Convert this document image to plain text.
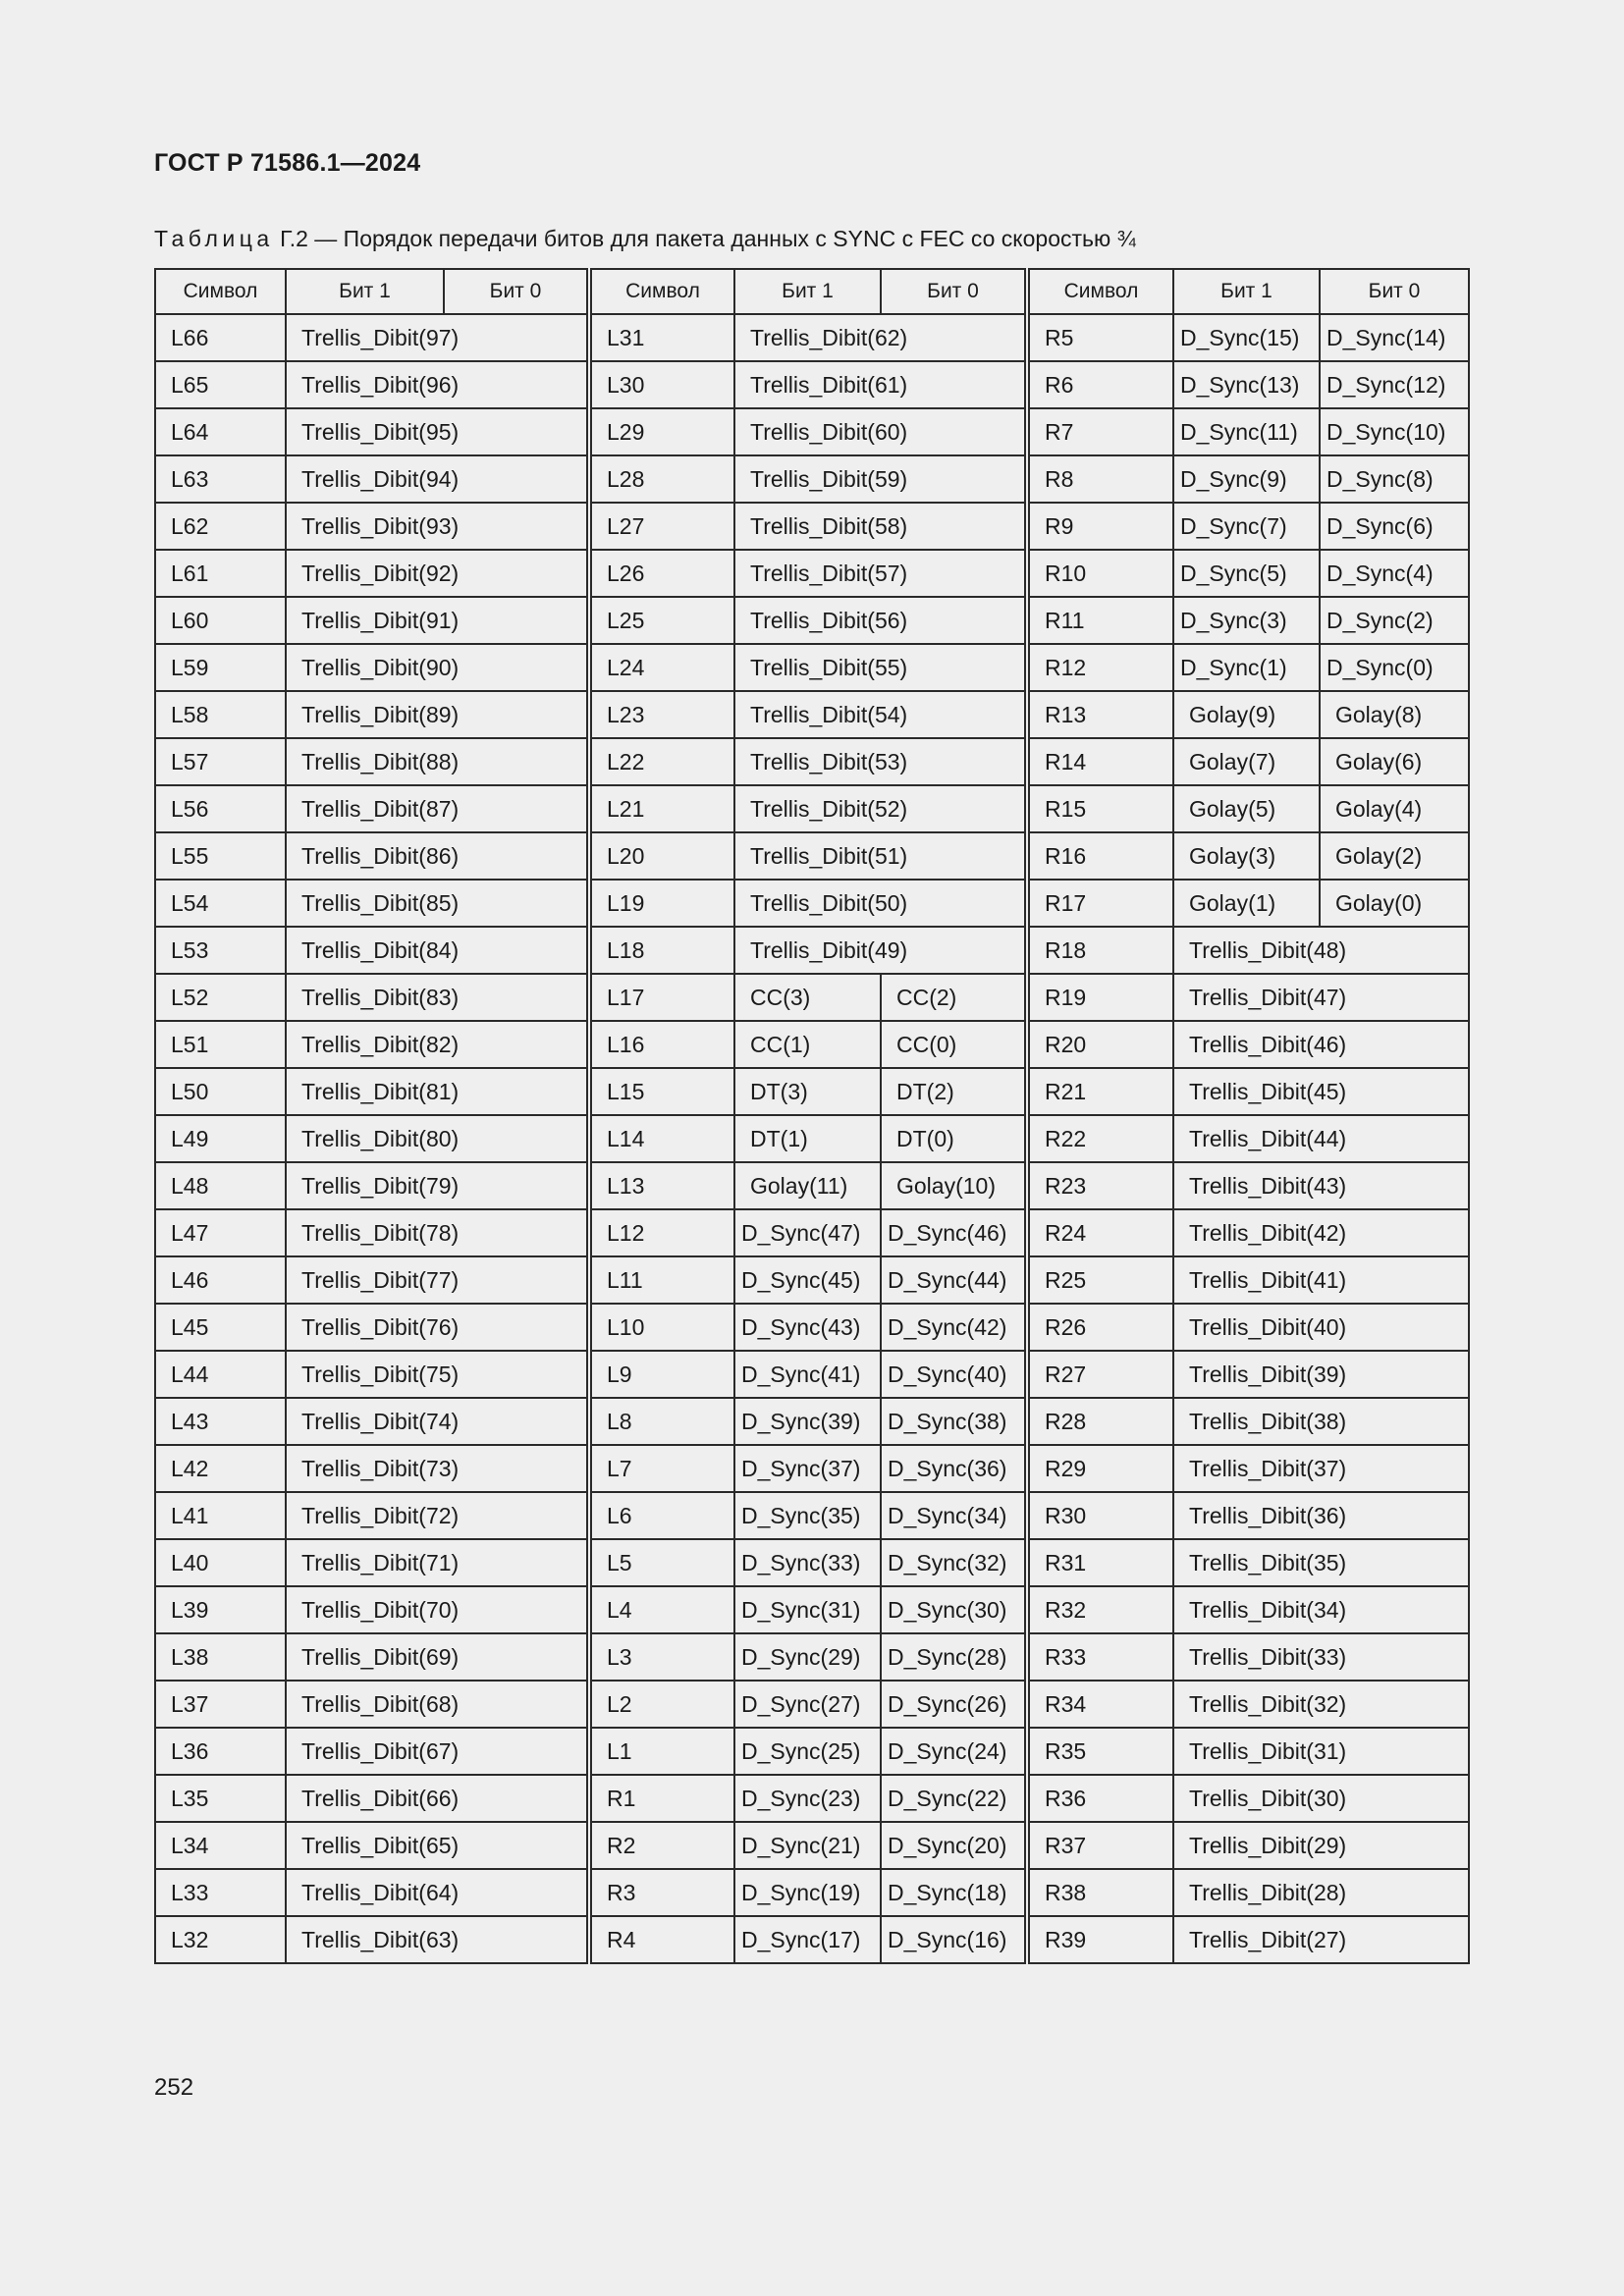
ГОСТ Р 71586.1—2024
Таблица Г.2 — Порядок передачи битов для пакета данных с SYNC с FEC со скоростью ¾
Символ	Бит 1	Бит 0	Символ	Бит 1	Бит 0	Символ	Бит 1	Бит 0
L66	Trellis_Dibit(97)		L31	Trellis_Dibit(62)		R5	D_Sync(15)	D_Sync(14)
L65	Trellis_Dibit(96)		L30	Trellis_Dibit(61)		R6	D_Sync(13)	D_Sync(12)
L64	Trellis_Dibit(95)		L29	Trellis_Dibit(60)		R7	D_Sync(11)	D_Sync(10)
L63	Trellis_Dibit(94)		L28	Trellis_Dibit(59)		R8	D_Sync(9)	D_Sync(8)
L62	Trellis_Dibit(93)		L27	Trellis_Dibit(58)		R9	D_Sync(7)	D_Sync(6)
L61	Trellis_Dibit(92)		L26	Trellis_Dibit(57)		R10	D_Sync(5)	D_Sync(4)
L60	Trellis_Dibit(91)		L25	Trellis_Dibit(56)		R11	D_Sync(3)	D_Sync(2)
L59	Trellis_Dibit(90)		L24	Trellis_Dibit(55)		R12	D_Sync(1)	D_Sync(0)
L58	Trellis_Dibit(89)		L23	Trellis_Dibit(54)		R13	Golay(9)	Golay(8)
L57	Trellis_Dibit(88)		L22	Trellis_Dibit(53)		R14	Golay(7)	Golay(6)
L56	Trellis_Dibit(87)		L21	Trellis_Dibit(52)		R15	Golay(5)	Golay(4)
L55	Trellis_Dibit(86)		L20	Trellis_Dibit(51)		R16	Golay(3)	Golay(2)
L54	Trellis_Dibit(85)		L19	Trellis_Dibit(50)		R17	Golay(1)	Golay(0)
L53	Trellis_Dibit(84)		L18	Trellis_Dibit(49)		R18	Trellis_Dibit(48)	
L52	Trellis_Dibit(83)		L17	CC(3)	CC(2)	R19	Trellis_Dibit(47)	
L51	Trellis_Dibit(82)		L16	CC(1)	CC(0)	R20	Trellis_Dibit(46)	
L50	Trellis_Dibit(81)		L15	DT(3)	DT(2)	R21	Trellis_Dibit(45)	
L49	Trellis_Dibit(80)		L14	DT(1)	DT(0)	R22	Trellis_Dibit(44)	
L48	Trellis_Dibit(79)		L13	Golay(11)	Golay(10)	R23	Trellis_Dibit(43)	
L47	Trellis_Dibit(78)		L12	D_Sync(47)	D_Sync(46)	R24	Trellis_Dibit(42)	
L46	Trellis_Dibit(77)		L11	D_Sync(45)	D_Sync(44)	R25	Trellis_Dibit(41)	
L45	Trellis_Dibit(76)		L10	D_Sync(43)	D_Sync(42)	R26	Trellis_Dibit(40)	
L44	Trellis_Dibit(75)		L9	D_Sync(41)	D_Sync(40)	R27	Trellis_Dibit(39)	
L43	Trellis_Dibit(74)		L8	D_Sync(39)	D_Sync(38)	R28	Trellis_Dibit(38)	
L42	Trellis_Dibit(73)		L7	D_Sync(37)	D_Sync(36)	R29	Trellis_Dibit(37)	
L41	Trellis_Dibit(72)		L6	D_Sync(35)	D_Sync(34)	R30	Trellis_Dibit(36)	
L40	Trellis_Dibit(71)		L5	D_Sync(33)	D_Sync(32)	R31	Trellis_Dibit(35)	
L39	Trellis_Dibit(70)		L4	D_Sync(31)	D_Sync(30)	R32	Trellis_Dibit(34)	
L38	Trellis_Dibit(69)		L3	D_Sync(29)	D_Sync(28)	R33	Trellis_Dibit(33)	
L37	Trellis_Dibit(68)		L2	D_Sync(27)	D_Sync(26)	R34	Trellis_Dibit(32)	
L36	Trellis_Dibit(67)		L1	D_Sync(25)	D_Sync(24)	R35	Trellis_Dibit(31)	
L35	Trellis_Dibit(66)		R1	D_Sync(23)	D_Sync(22)	R36	Trellis_Dibit(30)	
L34	Trellis_Dibit(65)		R2	D_Sync(21)	D_Sync(20)	R37	Trellis_Dibit(29)	
L33	Trellis_Dibit(64)		R3	D_Sync(19)	D_Sync(18)	R38	Trellis_Dibit(28)	
L32	Trellis_Dibit(63)		R4	D_Sync(17)	D_Sync(16)	R39	Trellis_Dibit(27)	
252
